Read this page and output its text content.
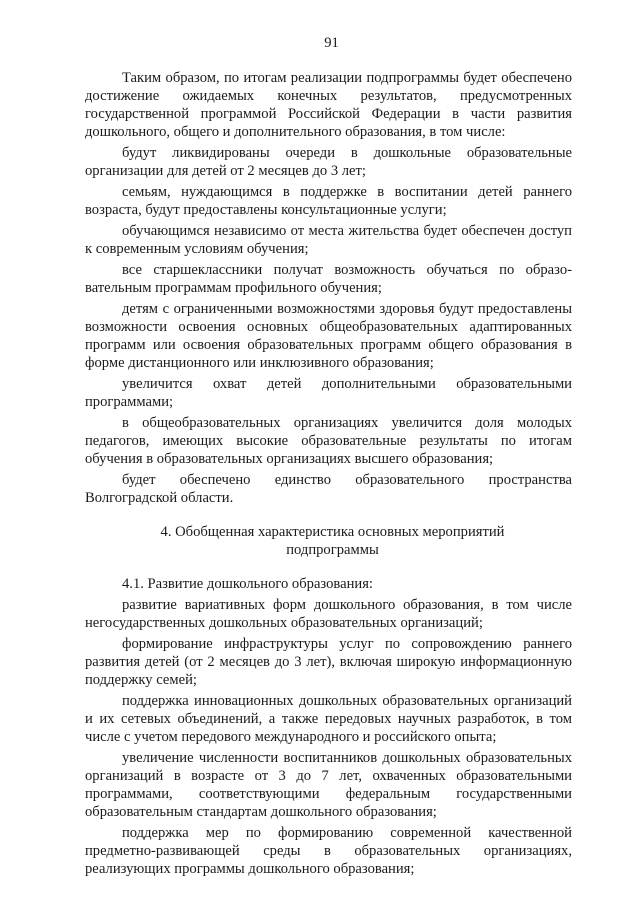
91

Таким образом, по итогам реализации подпрограммы будет обеспечено достижение ожидаемых конечных результатов, предусмотренных государственной программой Российской Федерации в части развития дошкольного, общего и дополнительного образования, в том числе:

будут ликвидированы очереди в дошкольные образовательные организации для детей от 2 месяцев до 3 лет;

семьям, нуждающимся в поддержке в воспитании детей раннего возраста, будут предоставлены консультационные услуги;

обучающимся независимо от места жительства будет обеспечен доступ к современным условиям обучения;

все старшеклассники получат возможность обучаться по образовательным программам профильного обучения;

детям с ограниченными возможностями здоровья будут предоставлены возможности освоения основных общеобразовательных адаптированных программ или освоения образовательных программ общего образования в форме дистанционного или инклюзивного образования;

увеличится охват детей дополнительными образовательными программами;

в общеобразовательных организациях увеличится доля молодых педагогов, имеющих высокие образовательные результаты по итогам обучения в образовательных организациях высшего образования;

будет обеспечено единство образовательного пространства Волгоградской области.

4. Обобщенная характеристика основных мероприятий
подпрограммы

4.1. Развитие дошкольного образования:

развитие вариативных форм дошкольного образования, в том числе негосударственных дошкольных образовательных организаций;

формирование инфраструктуры услуг по сопровождению раннего развития детей (от 2 месяцев до 3 лет), включая широкую информационную поддержку семей;

поддержка инновационных дошкольных образовательных организаций и их сетевых объединений, а также передовых научных разработок, в том числе с учетом передового международного и российского опыта;

увеличение численности воспитанников дошкольных образовательных организаций в возрасте от 3 до 7 лет, охваченных образовательными программами, соответствующими федеральным государственными образовательным стандартам дошкольного образования;

поддержка мер по формированию современной качественной предметно-развивающей среды в образовательных организациях, реализующих программы дошкольного образования;
